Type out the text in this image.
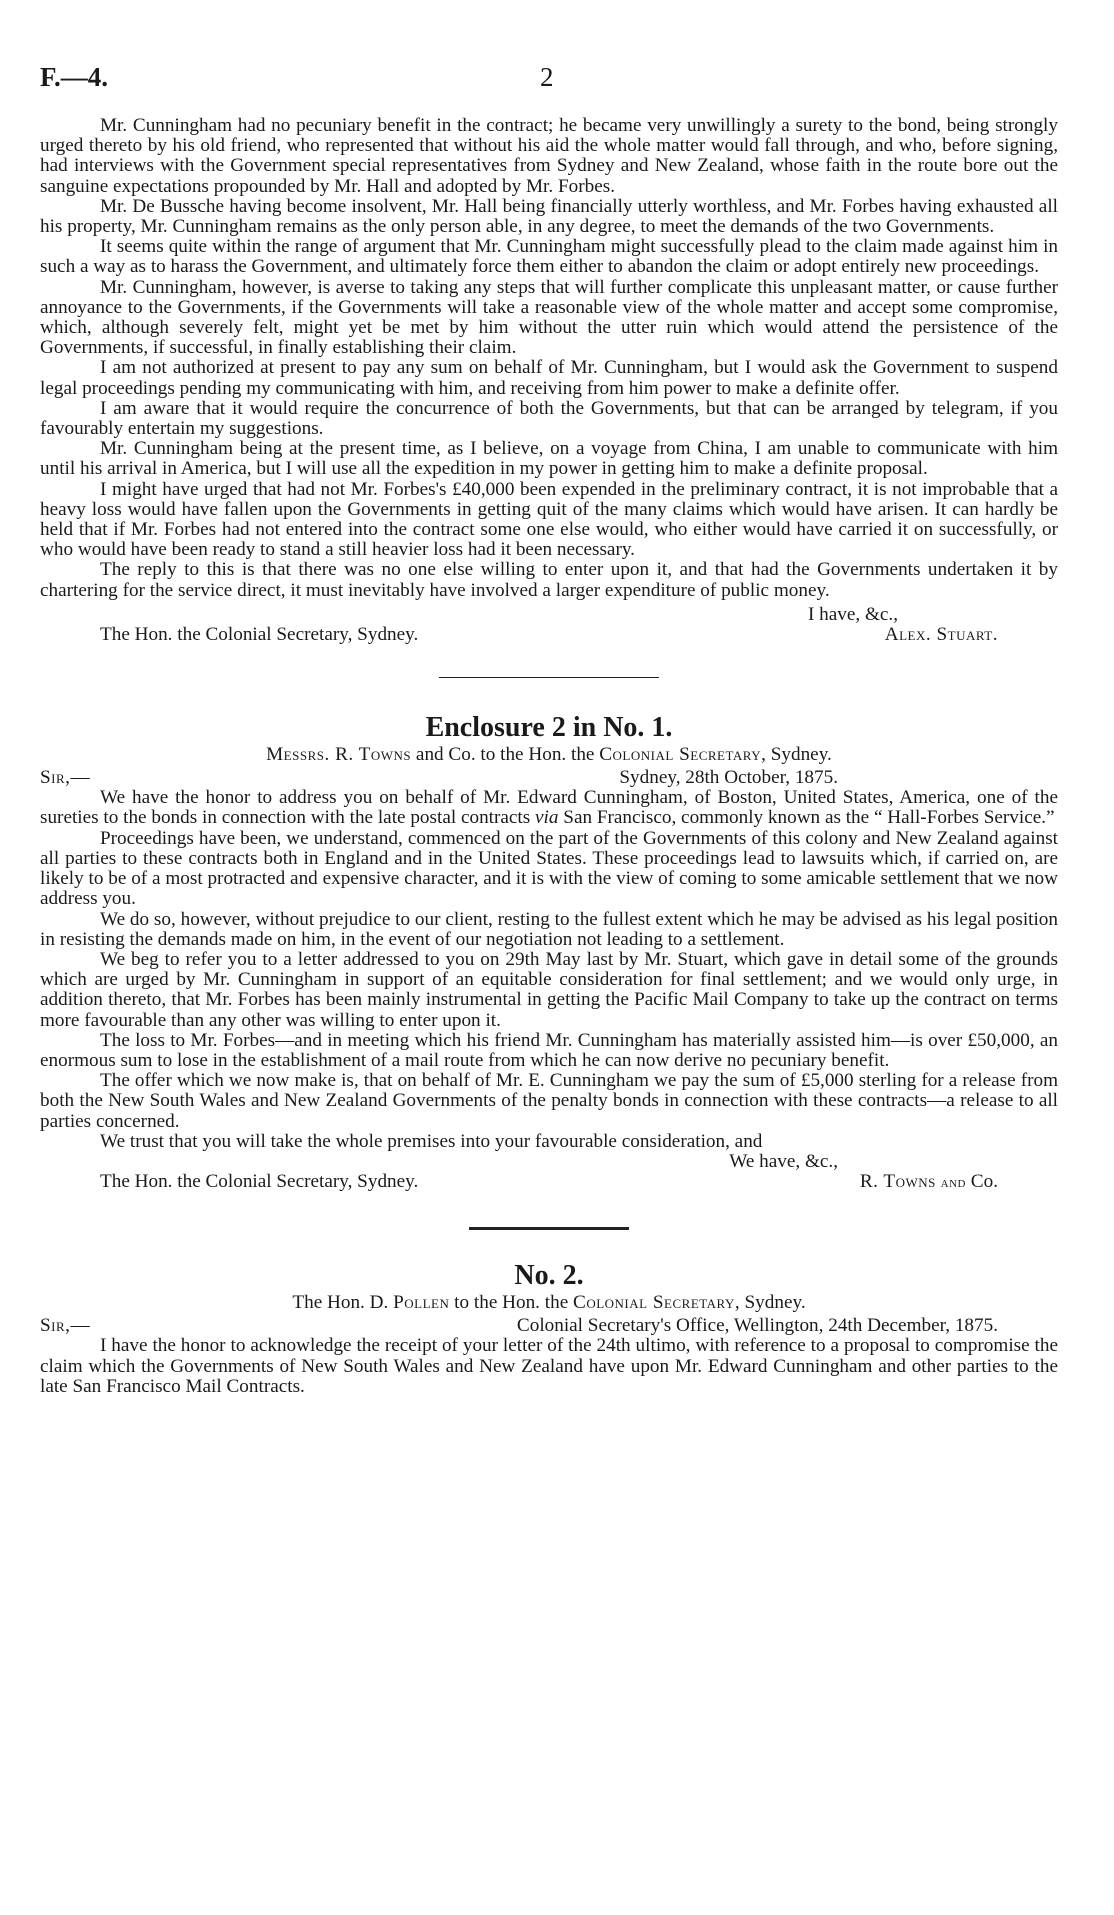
F.—4.	2

Mr. Cunningham had no pecuniary benefit in the contract; he became very unwillingly a surety to the bond, being strongly urged thereto by his old friend, who represented that without his aid the whole matter would fall through, and who, before signing, had interviews with the Government special representatives from Sydney and New Zealand, whose faith in the route bore out the sanguine expectations propounded by Mr. Hall and adopted by Mr. Forbes.

Mr. De Bussche having become insolvent, Mr. Hall being financially utterly worthless, and Mr. Forbes having exhausted all his property, Mr. Cunningham remains as the only person able, in any degree, to meet the demands of the two Governments.

It seems quite within the range of argument that Mr. Cunningham might successfully plead to the claim made against him in such a way as to harass the Government, and ultimately force them either to abandon the claim or adopt entirely new proceedings.

Mr. Cunningham, however, is averse to taking any steps that will further complicate this unpleasant matter, or cause further annoyance to the Governments, if the Governments will take a reasonable view of the whole matter and accept some compromise, which, although severely felt, might yet be met by him without the utter ruin which would attend the persistence of the Governments, if successful, in finally establishing their claim.

I am not authorized at present to pay any sum on behalf of Mr. Cunningham, but I would ask the Government to suspend legal proceedings pending my communicating with him, and receiving from him power to make a definite offer.

I am aware that it would require the concurrence of both the Governments, but that can be arranged by telegram, if you favourably entertain my suggestions.

Mr. Cunningham being at the present time, as I believe, on a voyage from China, I am unable to communicate with him until his arrival in America, but I will use all the expedition in my power in getting him to make a definite proposal.

I might have urged that had not Mr. Forbes's £40,000 been expended in the preliminary contract, it is not improbable that a heavy loss would have fallen upon the Governments in getting quit of the many claims which would have arisen. It can hardly be held that if Mr. Forbes had not entered into the contract some one else would, who either would have carried it on successfully, or who would have been ready to stand a still heavier loss had it been necessary.

The reply to this is that there was no one else willing to enter upon it, and that had the Governments undertaken it by chartering for the service direct, it must inevitably have involved a larger expenditure of public money.

I have, &c.,
The Hon. the Colonial Secretary, Sydney.	Alex. Stuart.
Enclosure 2 in No. 1.
Messrs. R. Towns and Co. to the Hon. the Colonial Secretary, Sydney.
Sir,—	Sydney, 28th October, 1875.

We have the honor to address you on behalf of Mr. Edward Cunningham, of Boston, United States, America, one of the sureties to the bonds in connection with the late postal contracts via San Francisco, commonly known as the “ Hall-Forbes Service.”

Proceedings have been, we understand, commenced on the part of the Governments of this colony and New Zealand against all parties to these contracts both in England and in the United States. These proceedings lead to lawsuits which, if carried on, are likely to be of a most protracted and expensive character, and it is with the view of coming to some amicable settlement that we now address you.

We do so, however, without prejudice to our client, resting to the fullest extent which he may be advised as his legal position in resisting the demands made on him, in the event of our negotiation not leading to a settlement.

We beg to refer you to a letter addressed to you on 29th May last by Mr. Stuart, which gave in detail some of the grounds which are urged by Mr. Cunningham in support of an equitable consideration for final settlement; and we would only urge, in addition thereto, that Mr. Forbes has been mainly instrumental in getting the Pacific Mail Company to take up the contract on terms more favourable than any other was willing to enter upon it.

The loss to Mr. Forbes—and in meeting which his friend Mr. Cunningham has materially assisted him—is over £50,000, an enormous sum to lose in the establishment of a mail route from which he can now derive no pecuniary benefit.

The offer which we now make is, that on behalf of Mr. E. Cunningham we pay the sum of £5,000 sterling for a release from both the New South Wales and New Zealand Governments of the penalty bonds in connection with these contracts—a release to all parties concerned.

We trust that you will take the whole premises into your favourable consideration, and

We have, &c.,
The Hon. the Colonial Secretary, Sydney.	R. Towns and Co.
No. 2.
The Hon. D. Pollen to the Hon. the Colonial Secretary, Sydney.
Sir,—	Colonial Secretary's Office, Wellington, 24th December, 1875.

I have the honor to acknowledge the receipt of your letter of the 24th ultimo, with reference to a proposal to compromise the claim which the Governments of New South Wales and New Zealand have upon Mr. Edward Cunningham and other parties to the late San Francisco Mail Contracts.
